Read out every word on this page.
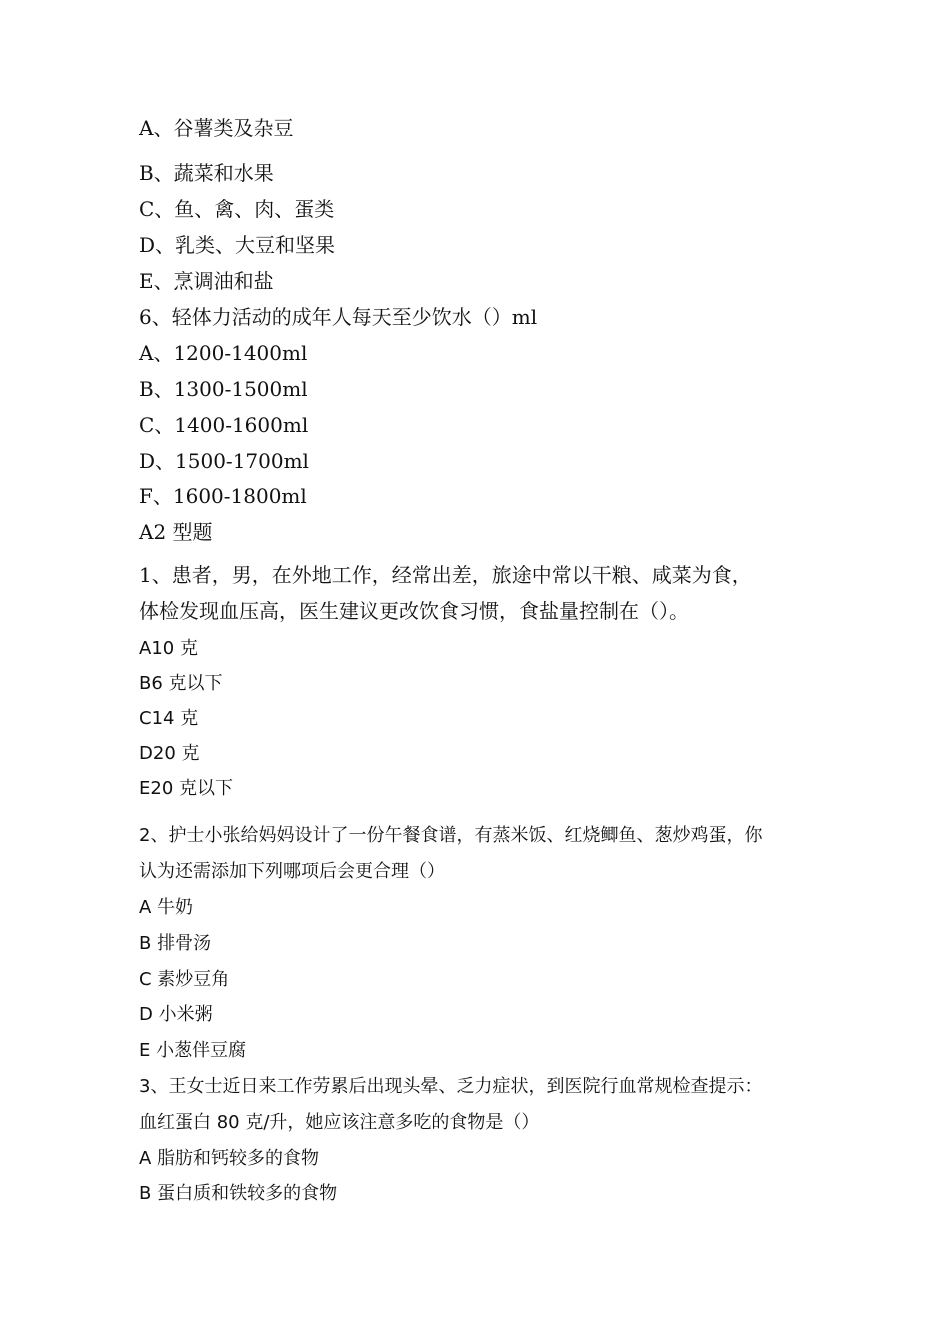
A、谷薯类及杂豆
B、蔬菜和水果
C、鱼、禽、肉、蛋类
D、乳类、大豆和坚果
E、烹调油和盐
6、轻体力活动的成年人每天至少饮水（）ml
A、1200-1400ml
B、1300-1500ml
C、1400-1600ml
D、1500-1700ml
F、1600-1800ml
A2 型题
1、患者，男，在外地工作，经常出差，旅途中常以干粮、咸菜为食，
体检发现血压高，医生建议更改饮食习惯，食盐量控制在（）。
A10 克
B6 克以下
C14 克
D20 克
E20 克以下
2、护士小张给妈妈设计了一份午餐食谱，有蒸米饭、红烧鲫鱼、葱炒鸡蛋，你
认为还需添加下列哪项后会更合理（）
A 牛奶
B 排骨汤
C 素炒豆角
D 小米粥
E 小葱伴豆腐
3、王女士近日来工作劳累后出现头晕、乏力症状，到医院行血常规检查提示：
血红蛋白 80 克/升，她应该注意多吃的食物是（）
A 脂肪和钙较多的食物
B 蛋白质和铁较多的食物
